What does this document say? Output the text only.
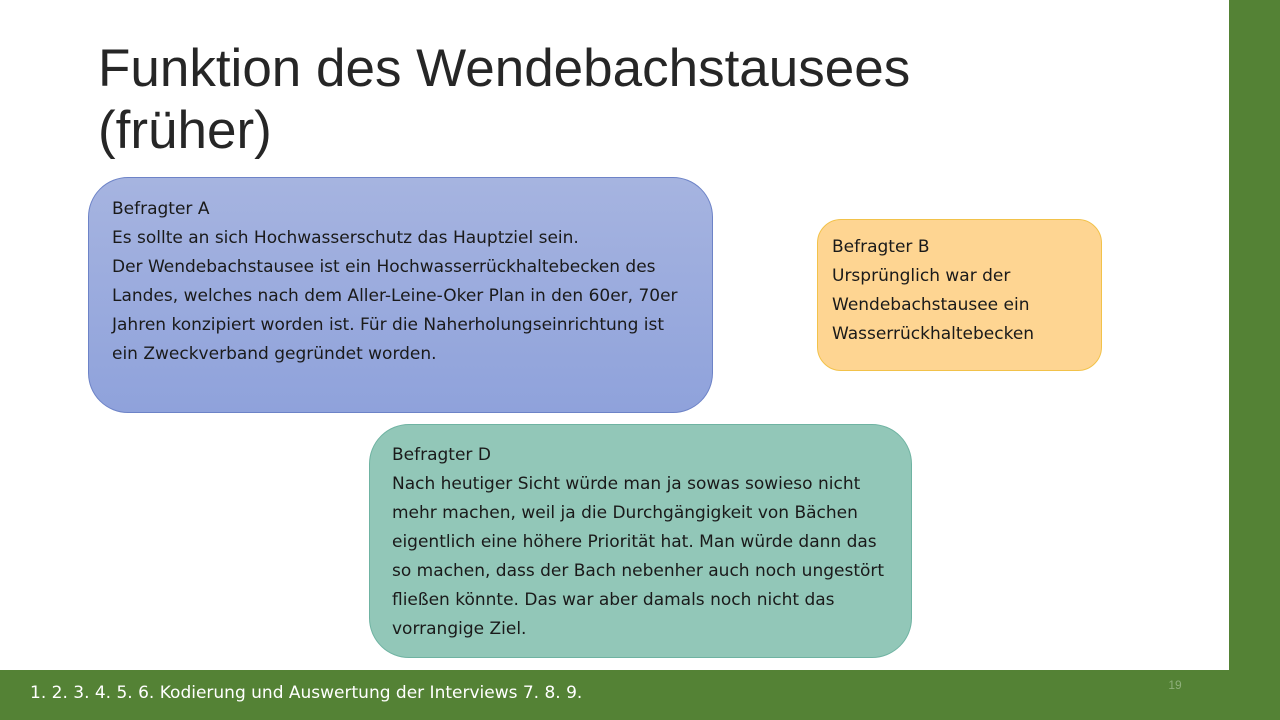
Funktion des Wendebachstausees
(früher)
Befragter A
Es sollte an sich Hochwasserschutz das Hauptziel sein.
Der Wendebachstausee ist ein Hochwasserrückhaltebecken des Landes, welches nach dem Aller-Leine-Oker Plan in den 60er, 70er Jahren konzipiert worden ist. Für die Naherholungseinrichtung ist ein Zweckverband gegründet worden.
Befragter B
Ursprünglich war der Wendebachstausee ein Wasserrückhaltebecken
Befragter D
Nach heutiger Sicht würde man ja sowas sowieso nicht mehr machen, weil ja die Durchgängigkeit von Bächen eigentlich eine höhere Priorität hat. Man würde dann das so machen, dass der Bach nebenher auch noch ungestört fließen könnte. Das war aber damals noch nicht das vorrangige Ziel.
19
1. 2. 3. 4. 5. 6. Kodierung und Auswertung der Interviews 7. 8. 9.
